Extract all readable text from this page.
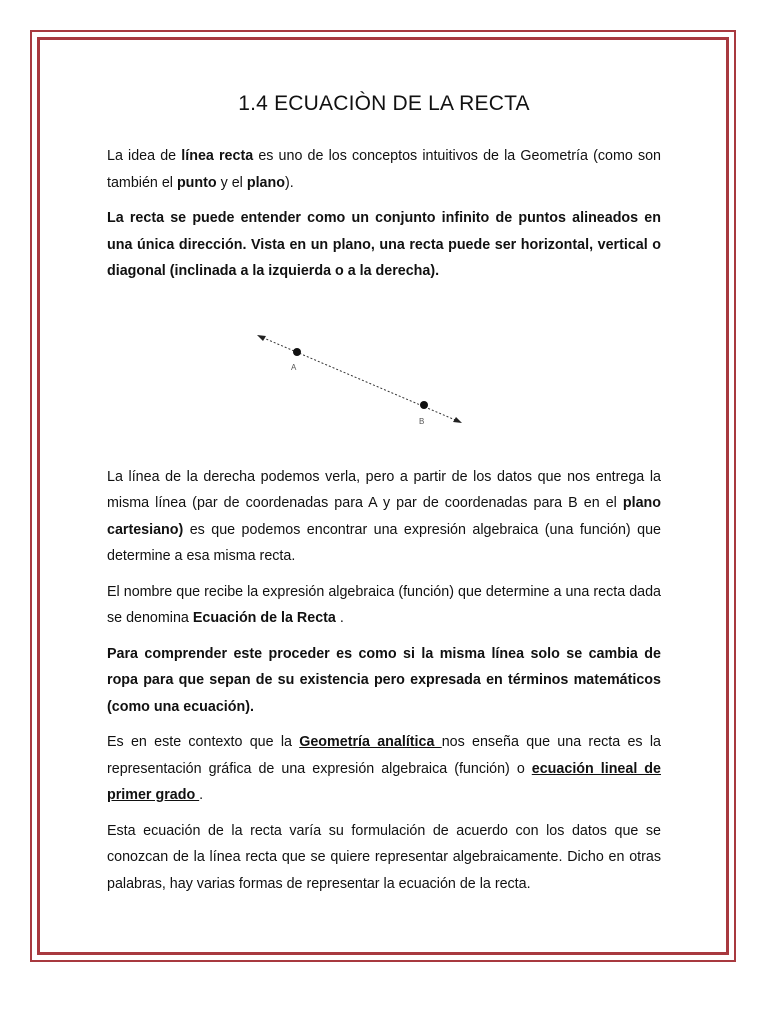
1.4 ECUACIÒN DE LA RECTA

La idea de línea recta es uno de los conceptos intuitivos de la Geometría (como son también el punto y el plano).

La recta se puede entender como un conjunto infinito de puntos alineados en una única dirección. Vista en un plano, una recta puede ser horizontal, vertical o diagonal (inclinada a la izquierda o a la derecha).

A
B

La línea de la derecha podemos verla, pero a partir de los datos que nos entrega la misma línea (par de coordenadas para A y par de coordenadas para B en el plano cartesiano) es que podemos encontrar una expresión algebraica (una función) que determine a esa misma recta.

El nombre que recibe la expresión algebraica (función) que determine a una recta dada se denomina Ecuación de la Recta .

Para comprender este proceder es como si la misma línea solo se cambia de ropa para que sepan de su existencia pero expresada en términos matemáticos (como una ecuación).

Es en este contexto que la Geometría analítica nos enseña que una recta es la representación gráfica de una expresión algebraica (función) o ecuación lineal de primer grado .

Esta ecuación de la recta varía su formulación de acuerdo con los datos que se conozcan de la línea recta que se quiere representar algebraicamente. Dicho en otras palabras, hay varias formas de representar la ecuación de la recta.
